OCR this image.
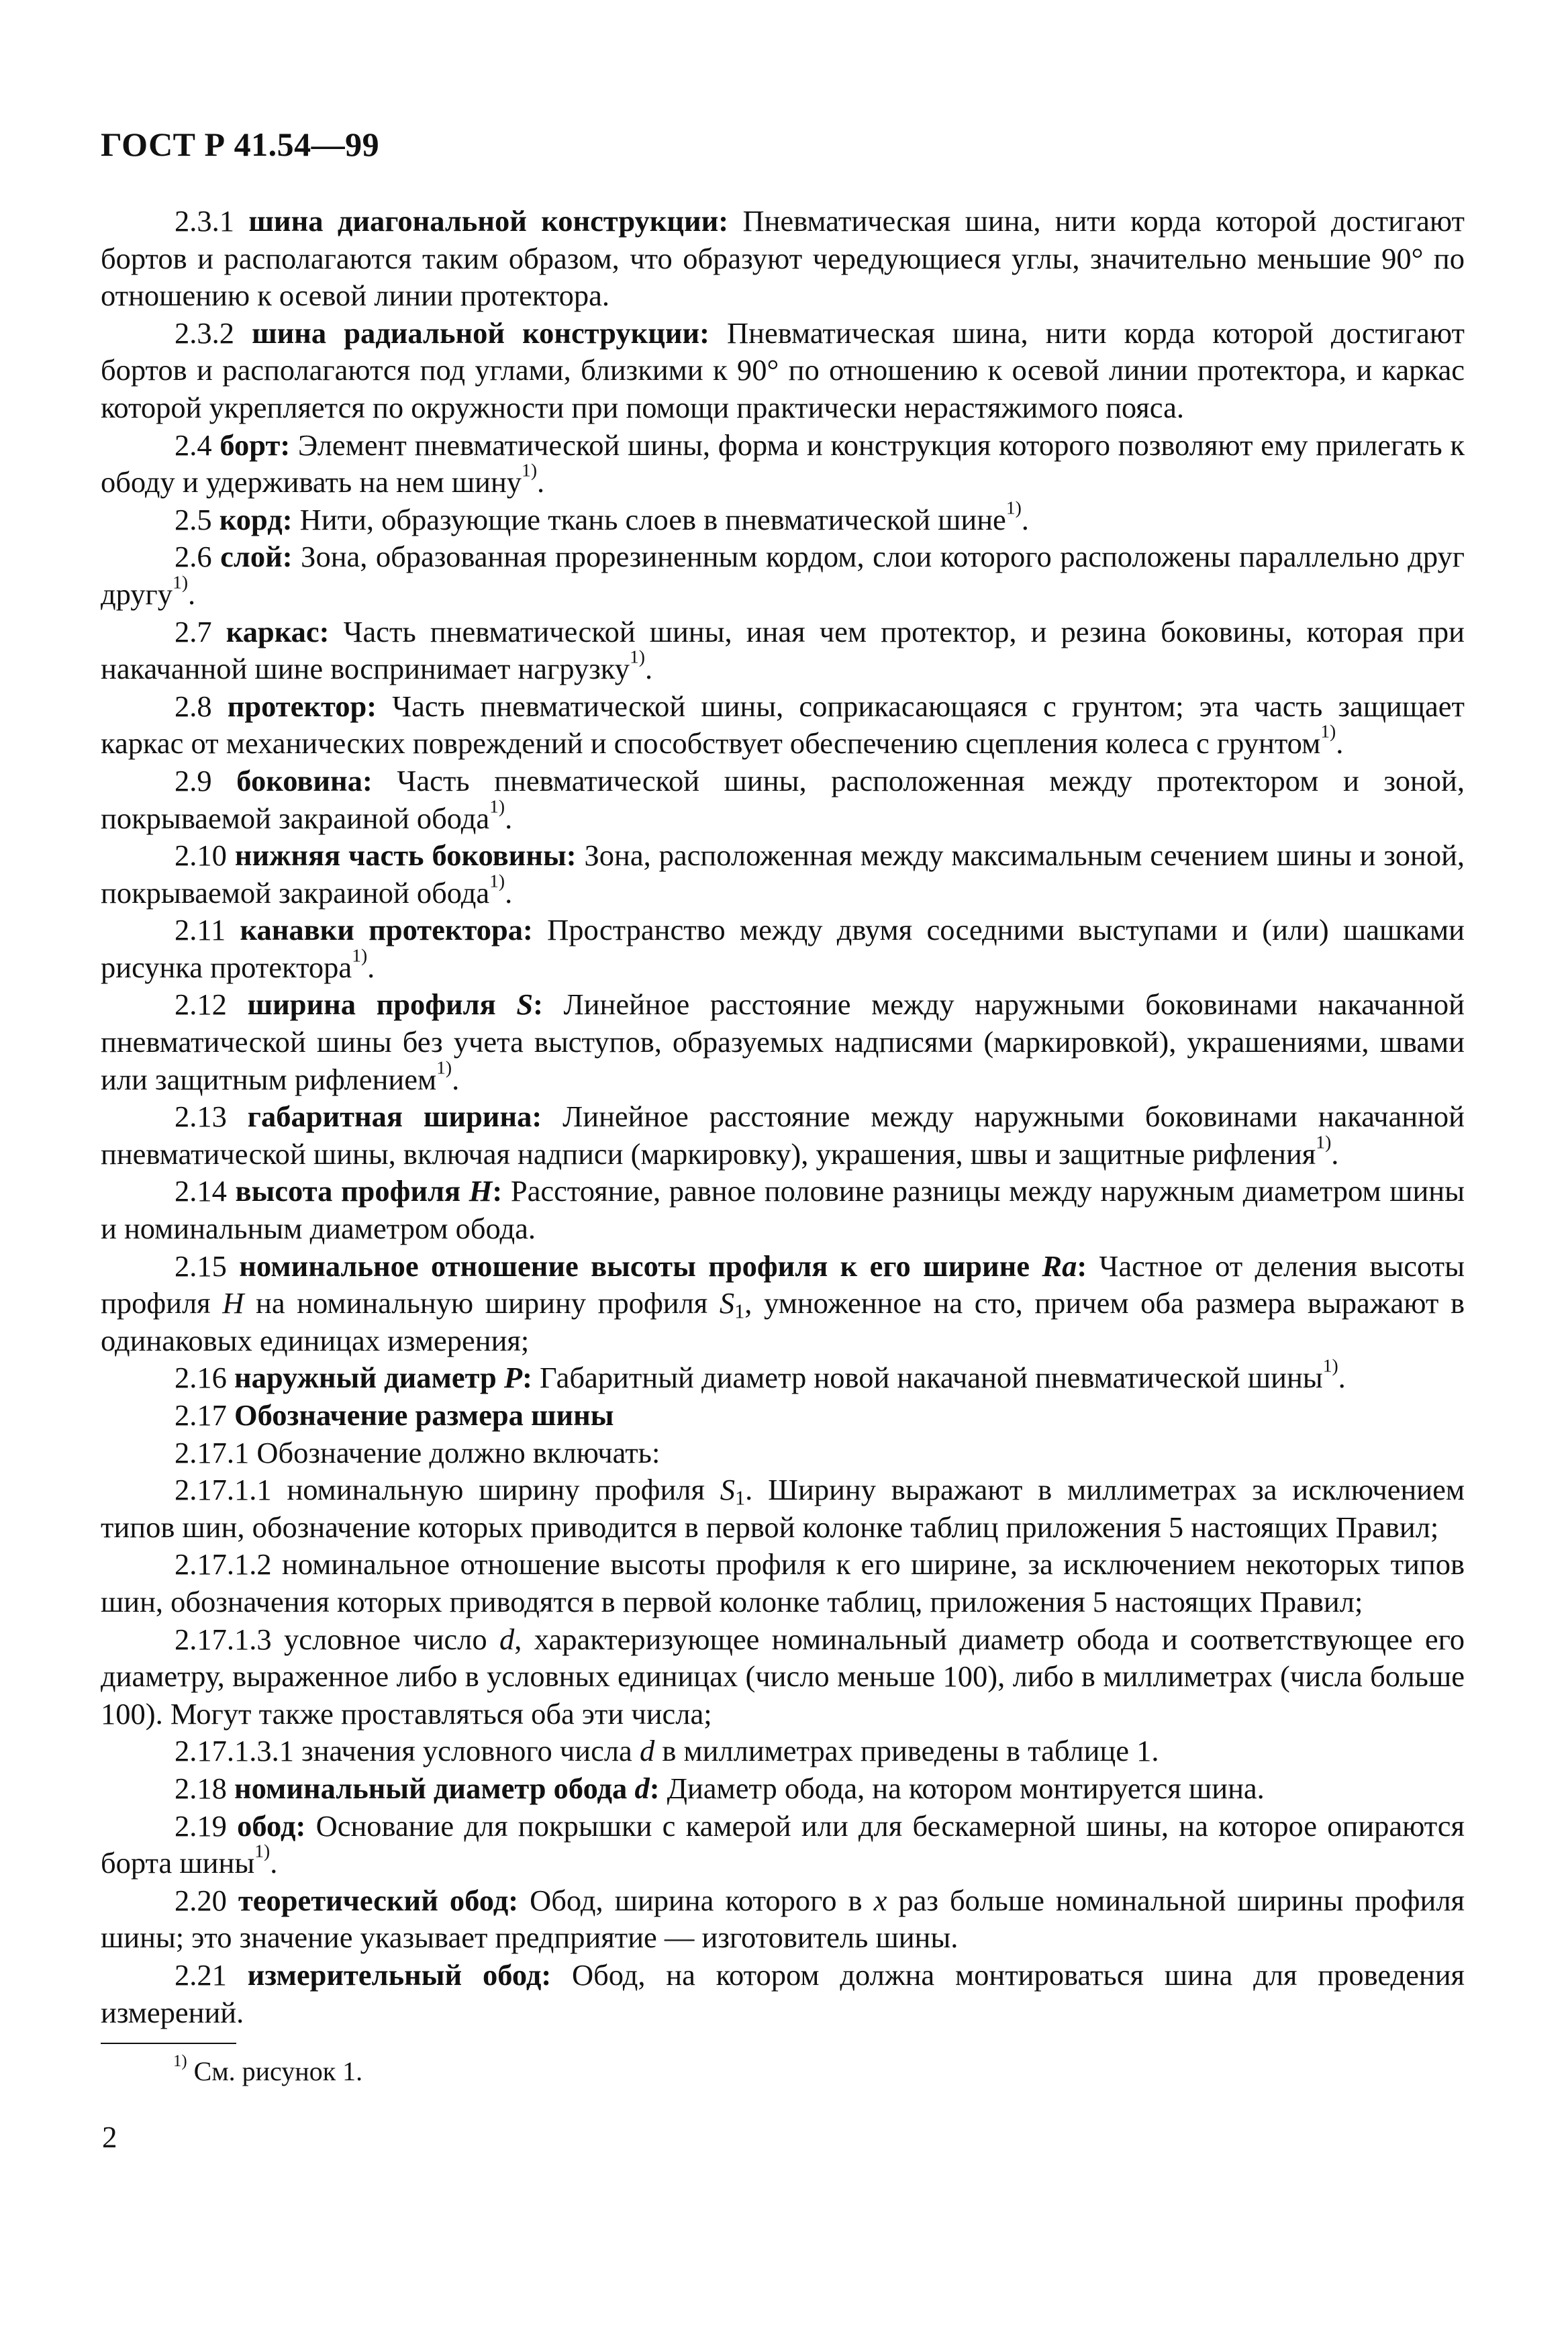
ГОСТ Р 41.54—99

2.3.1 шина диагональной конструкции: Пневматическая шина, нити корда которой достигают бортов и располагаются таким образом, что образуют чередующиеся углы, значительно меньшие 90° по отношению к осевой линии протектора.

2.3.2 шина радиальной конструкции: Пневматическая шина, нити корда которой достигают бортов и располагаются под углами, близкими к 90° по отношению к осевой линии протектора, и каркас которой укрепляется по окружности при помощи практически нерастяжимого пояса.

2.4 борт: Элемент пневматической шины, форма и конструкция которого позволяют ему прилегать к ободу и удерживать на нем шину$^{1)}$.

2.5 корд: Нити, образующие ткань слоев в пневматической шине$^{1)}$.

2.6 слой: Зона, образованная прорезиненным кордом, слои которого расположены параллельно друг другу$^{1)}$.

2.7 каркас: Часть пневматической шины, иная чем протектор, и резина боковины, которая при накачанной шине воспринимает нагрузку$^{1)}$.

2.8 протектор: Часть пневматической шины, соприкасающаяся с грунтом; эта часть защищает каркас от механических повреждений и способствует обеспечению сцепления колеса с грунтом$^{1)}$.

2.9 боковина: Часть пневматической шины, расположенная между протектором и зоной, покрываемой закраиной обода$^{1)}$.

2.10 нижняя часть боковины: Зона, расположенная между максимальным сечением шины и зоной, покрываемой закраиной обода$^{1)}$.

2.11 канавки протектора: Пространство между двумя соседними выступами и (или) шашками рисунка протектора$^{1)}$.

2.12 ширина профиля S: Линейное расстояние между наружными боковинами накачанной пневматической шины без учета выступов, образуемых надписями (маркировкой), украшениями, швами или защитным рифлением$^{1)}$.

2.13 габаритная ширина: Линейное расстояние между наружными боковинами накачанной пневматической шины, включая надписи (маркировку), украшения, швы и защитные рифления$^{1)}$.

2.14 высота профиля H: Расстояние, равное половине разницы между наружным диаметром шины и номинальным диаметром обода.

2.15 номинальное отношение высоты профиля к его ширине Ra: Частное от деления высоты профиля H на номинальную ширину профиля $S_1$, умноженное на сто, причем оба размера выражают в одинаковых единицах измерения;

2.16 наружный диаметр P: Габаритный диаметр новой накачаной пневматической шины$^{1)}$.

2.17 Обозначение размера шины

2.17.1 Обозначение должно включать:

2.17.1.1 номинальную ширину профиля $S_1$. Ширину выражают в миллиметрах за исключением типов шин, обозначение которых приводится в первой колонке таблиц приложения 5 настоящих Правил;

2.17.1.2 номинальное отношение высоты профиля к его ширине, за исключением некоторых типов шин, обозначения которых приводятся в первой колонке таблиц, приложения 5 настоящих Правил;

2.17.1.3 условное число d, характеризующее номинальный диаметр обода и соответствующее его диаметру, выраженное либо в условных единицах (число меньше 100), либо в миллиметрах (числа больше 100). Могут также проставляться оба эти числа;

2.17.1.3.1 значения условного числа d в миллиметрах приведены в таблице 1.

2.18 номинальный диаметр обода d: Диаметр обода, на котором монтируется шина.

2.19 обод: Основание для покрышки с камерой или для бескамерной шины, на которое опираются борта шины$^{1)}$.

2.20 теоретический обод: Обод, ширина которого в x раз больше номинальной ширины профиля шины; это значение указывает предприятие — изготовитель шины.

2.21 измерительный обод: Обод, на котором должна монтироваться шина для проведения измерений.

$^{1)}$ См. рисунок 1.
2
